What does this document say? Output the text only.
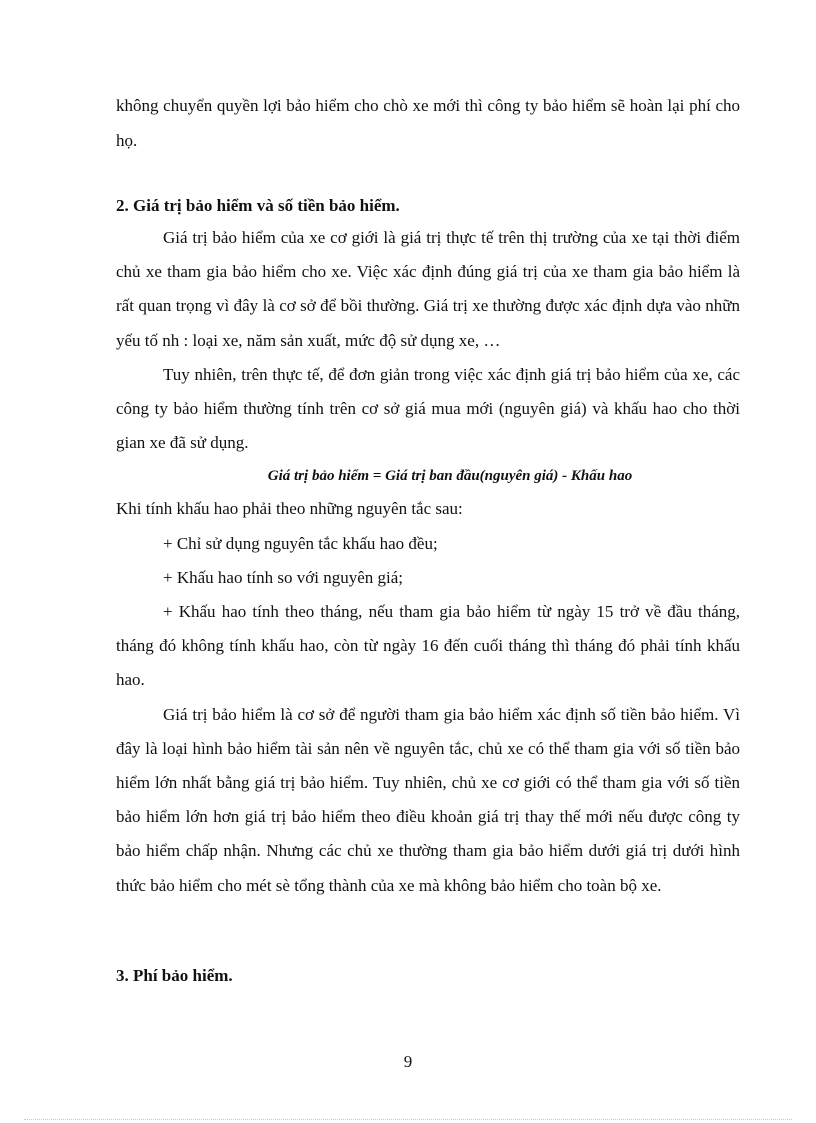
không chuyển quyền lợi bảo hiểm cho chò xe mới thì công ty bảo hiểm sẽ hoàn lại phí cho họ.

2. Giá trị bảo hiểm và số tiền bảo hiểm.

Giá trị bảo hiểm của xe cơ giới là giá trị thực tế trên thị trường của xe tại thời điểm chủ xe tham gia bảo hiểm cho xe. Việc xác định đúng giá trị của xe tham gia bảo hiểm là rất quan trọng vì đây là cơ sở để bồi thường. Giá trị xe thường được xác định dựa vào nhữn yếu tố nh : loại xe, năm sản xuất, mức độ sử dụng xe, …

Tuy nhiên, trên thực tế, để đơn giản trong việc xác định giá trị bảo hiểm của xe, các công ty bảo hiểm thường tính trên cơ sở giá mua mới (nguyên giá) và khấu hao cho thời gian xe đã sử dụng.

Giá trị bảo hiểm = Giá trị ban đầu(nguyên giá) - Khấu hao

Khi tính khấu hao phải theo những nguyên tắc sau:

+ Chỉ sử dụng nguyên tắc khấu hao đều;

+ Khấu hao tính so với nguyên giá;

+ Khấu hao tính theo tháng, nếu tham gia bảo hiểm từ ngày 15 trở về đầu tháng, tháng đó không tính khấu hao, còn từ ngày 16 đến cuối tháng thì tháng đó phải tính khấu hao.

Giá trị bảo hiểm là cơ sở để người tham gia bảo hiểm xác định số tiền bảo hiểm. Vì đây là loại hình bảo hiểm tài sản nên về nguyên tắc, chủ xe có thể tham gia với số tiền bảo hiểm lớn nhất bằng giá trị bảo hiểm. Tuy nhiên, chủ xe cơ giới có thể tham gia với số tiền bảo hiểm lớn hơn giá trị bảo hiểm theo điều khoản giá trị thay thế mới nếu được công ty bảo hiểm chấp nhận. Nhưng các chủ xe thường tham gia bảo hiểm dưới giá trị dưới hình thức bảo hiểm cho mét sè tổng thành của xe mà không bảo hiểm cho toàn bộ xe.

3. Phí bảo hiểm.
9
